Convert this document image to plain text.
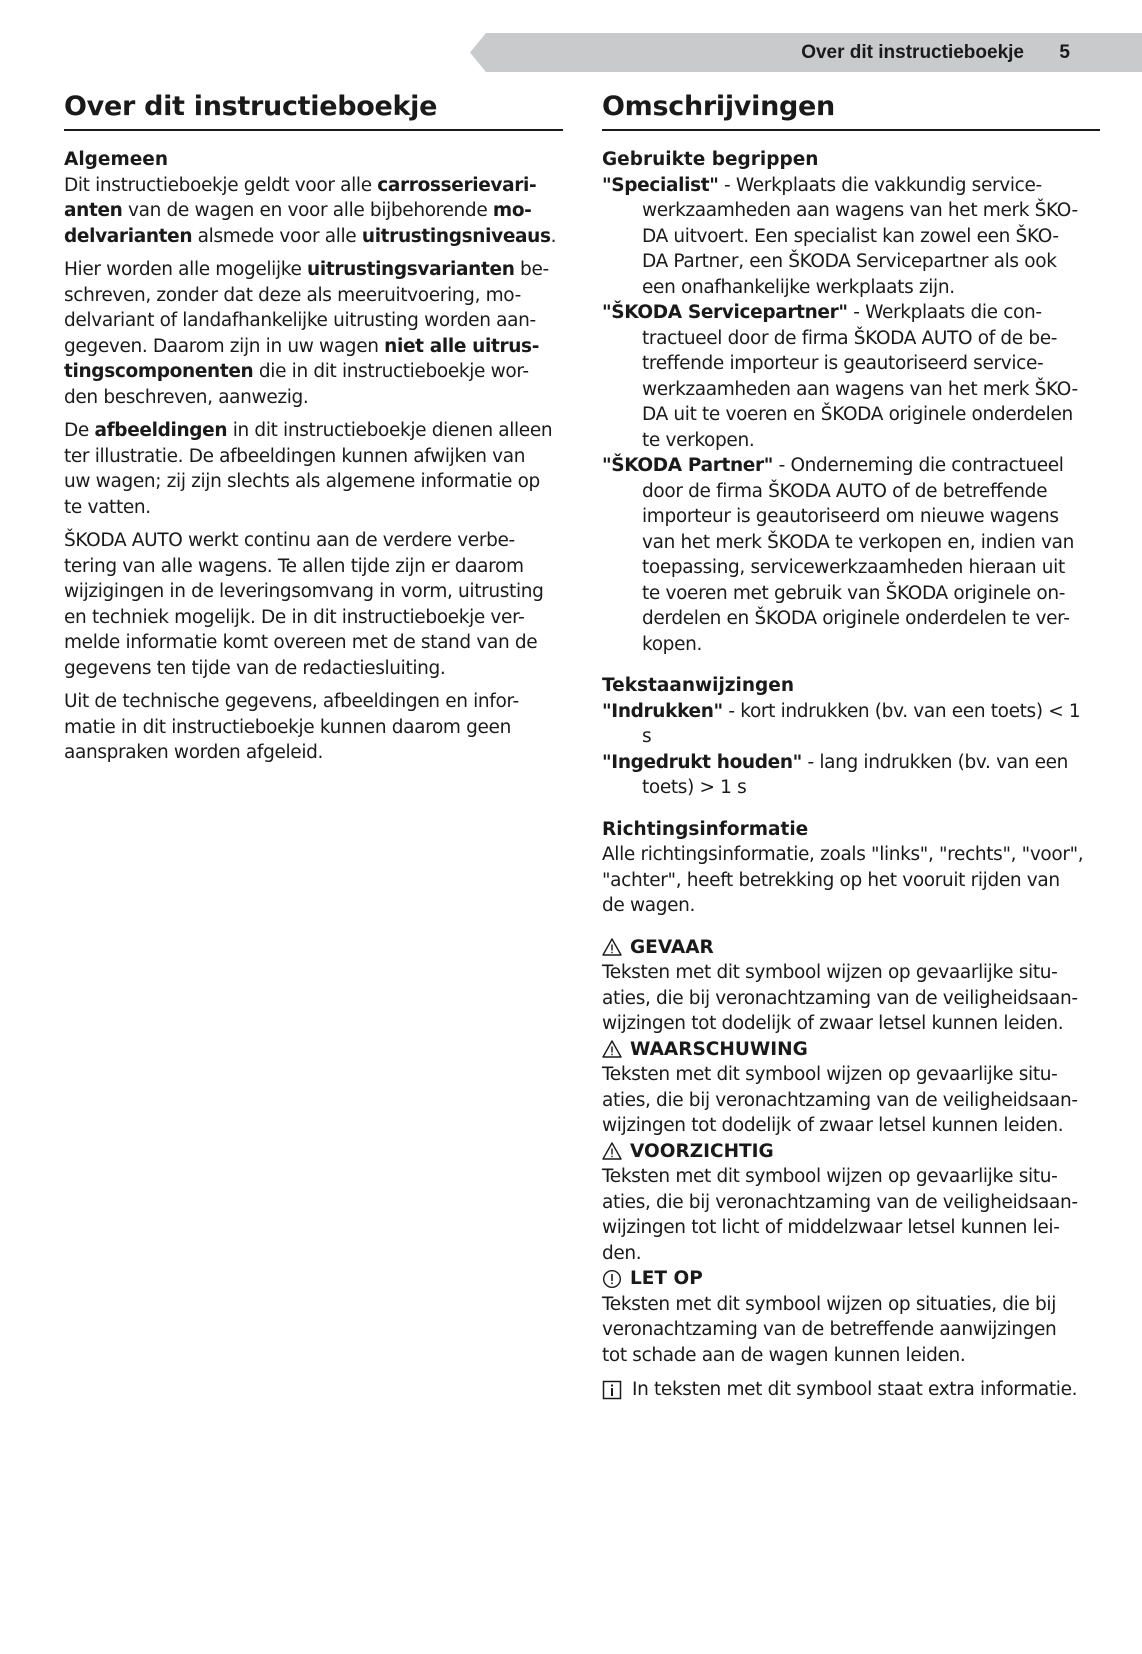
Over dit instructieboekje 5
Over dit instructieboekje
Algemeen
Dit instructieboekje geldt voor alle carrosserievari-
anten van de wagen en voor alle bijbehorende mo-
delvarianten alsmede voor alle uitrustingsniveaus.
Hier worden alle mogelijke uitrustingsvarianten be-
schreven, zonder dat deze als meeruitvoering, mo-
delvariant of landafhankelijke uitrusting worden aan-
gegeven. Daarom zijn in uw wagen niet alle uitrus-
tingscomponenten die in dit instructieboekje wor-
den beschreven, aanwezig.
De afbeeldingen in dit instructieboekje dienen alleen
ter illustratie. De afbeeldingen kunnen afwijken van
uw wagen; zij zijn slechts als algemene informatie op
te vatten.
ŠKODA AUTO werkt continu aan de verdere verbe-
tering van alle wagens. Te allen tijde zijn er daarom
wijzigingen in de leveringsomvang in vorm, uitrusting
en techniek mogelijk. De in dit instructieboekje ver-
melde informatie komt overeen met de stand van de
gegevens ten tijde van de redactiesluiting.
Uit de technische gegevens, afbeeldingen en infor-
matie in dit instructieboekje kunnen daarom geen
aanspraken worden afgeleid.
Omschrijvingen
Gebruikte begrippen
"Specialist" - Werkplaats die vakkundig service-
werkzaamheden aan wagens van het merk ŠKO-
DA uitvoert. Een specialist kan zowel een ŠKO-
DA Partner, een ŠKODA Servicepartner als ook
een onafhankelijke werkplaats zijn.
"ŠKODA Servicepartner" - Werkplaats die con-
tractueel door de firma ŠKODA AUTO of de be-
treffende importeur is geautoriseerd service-
werkzaamheden aan wagens van het merk ŠKO-
DA uit te voeren en ŠKODA originele onderdelen
te verkopen.
"ŠKODA Partner" - Onderneming die contractueel
door de firma ŠKODA AUTO of de betreffende
importeur is geautoriseerd om nieuwe wagens
van het merk ŠKODA te verkopen en, indien van
toepassing, servicewerkzaamheden hieraan uit
te voeren met gebruik van ŠKODA originele on-
derdelen en ŠKODA originele onderdelen te ver-
kopen.
Tekstaanwijzingen
"Indrukken" - kort indrukken (bv. van een toets) < 1
s
"Ingedrukt houden" - lang indrukken (bv. van een
toets) > 1 s
Richtingsinformatie
Alle richtingsinformatie, zoals "links", "rechts", "voor",
"achter", heeft betrekking op het vooruit rijden van
de wagen.
GEVAAR
Teksten met dit symbool wijzen op gevaarlijke situ-
aties, die bij veronachtzaming van de veiligheidsaan-
wijzingen tot dodelijk of zwaar letsel kunnen leiden.
WAARSCHUWING
Teksten met dit symbool wijzen op gevaarlijke situ-
aties, die bij veronachtzaming van de veiligheidsaan-
wijzingen tot dodelijk of zwaar letsel kunnen leiden.
VOORZICHTIG
Teksten met dit symbool wijzen op gevaarlijke situ-
aties, die bij veronachtzaming van de veiligheidsaan-
wijzingen tot licht of middelzwaar letsel kunnen lei-
den.
LET OP
Teksten met dit symbool wijzen op situaties, die bij
veronachtzaming van de betreffende aanwijzingen
tot schade aan de wagen kunnen leiden.
In teksten met dit symbool staat extra informatie.
